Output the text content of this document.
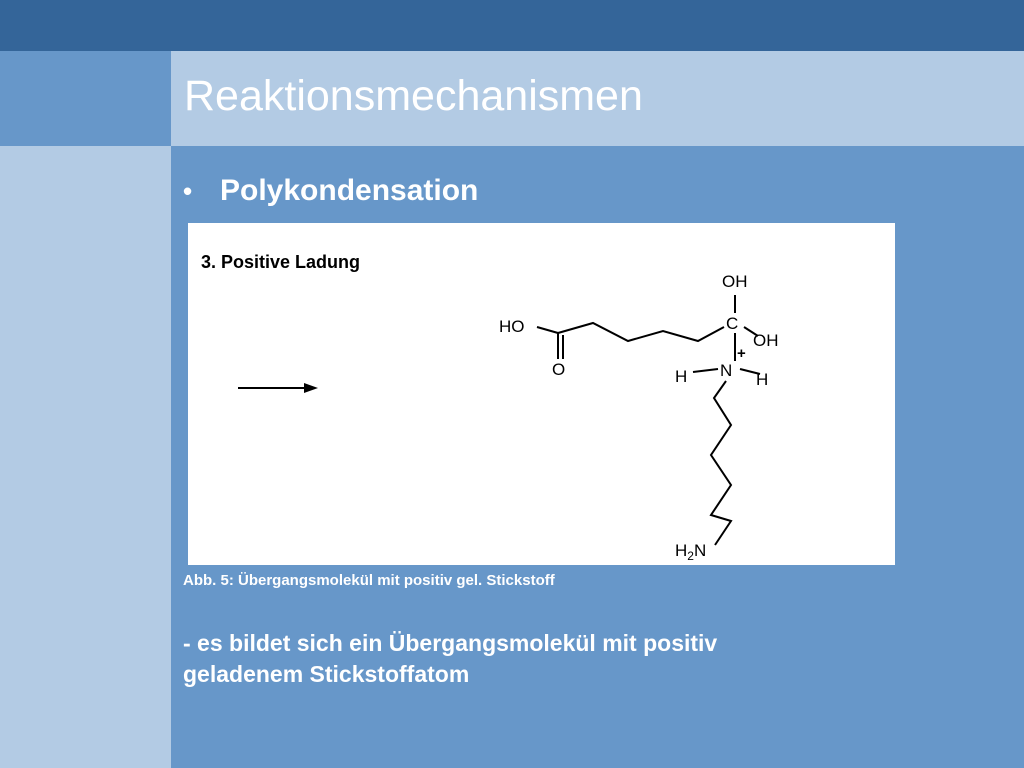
Reaktionsmechanismen
• Polykondensation
3. Positive Ladung
OH
C
OH
HO
O
+
H N H
$H_2N$
Abb. 5: Übergangsmolekül mit positiv gel. Stickstoff
- es bildet sich ein Übergangsmolekül mit positiv
geladenem Stickstoffatom
